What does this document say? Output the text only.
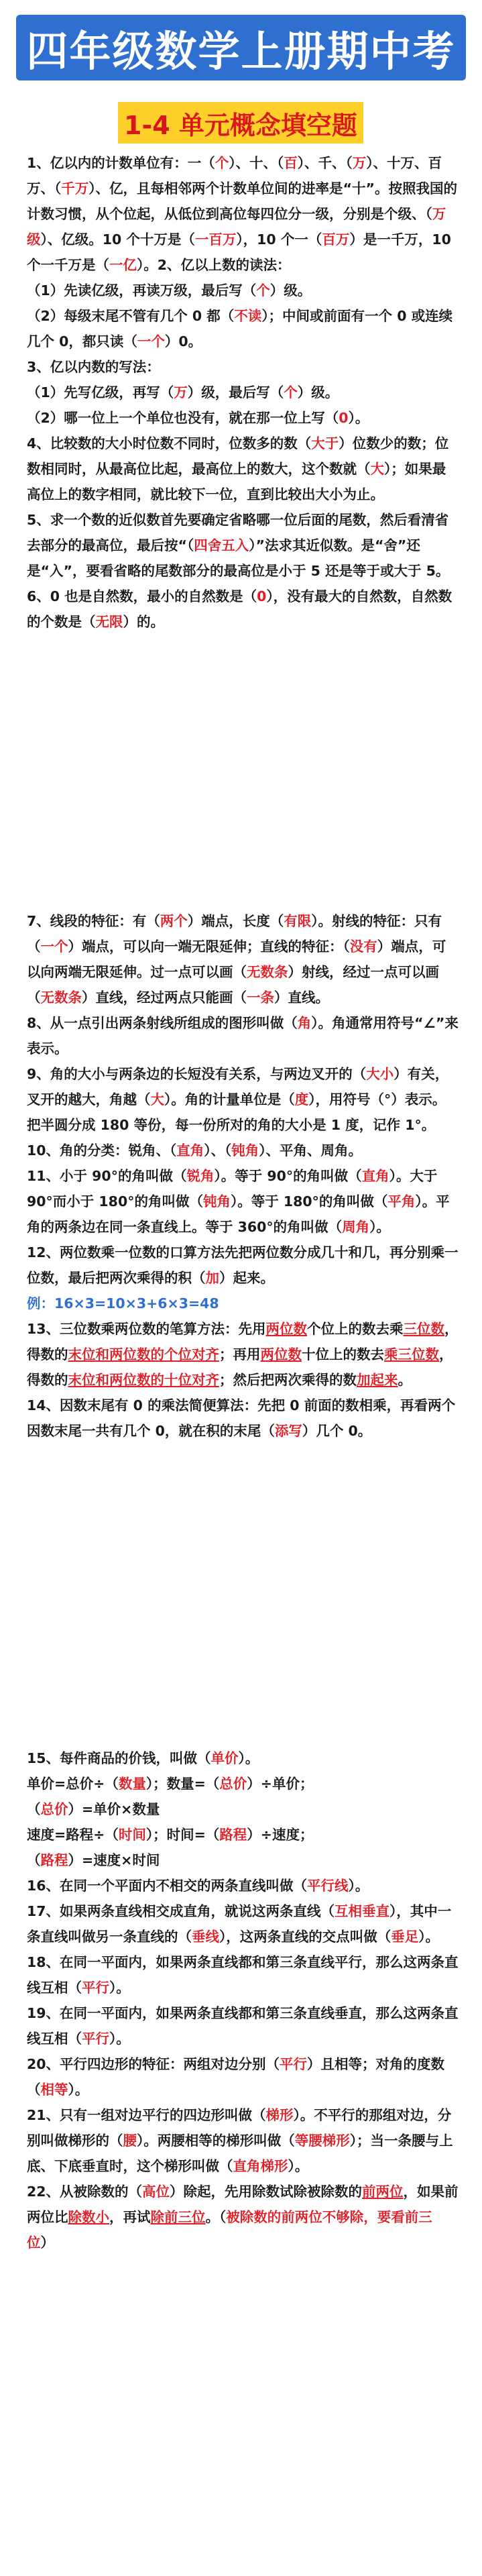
四年级数学上册期中考
1-4 单元概念填空题

1、亿以内的计数单位有：一（个）、十、（百）、千、（万）、十万、百万、（千万）、亿，且每相邻两个计数单位间的进率是“十”。按照我国的计数习惯，从个位起，从低位到高位每四位分一级，分别是个级、（万级）、亿级。10 个十万是（一百万），10 个一（百万）是一千万，10 个一千万是（一亿）。2、亿以上数的读法：

（1）先读亿级，再读万级，最后写（个）级。

（2）每级末尾不管有几个 0 都（不读）；中间或前面有一个 0 或连续几个 0，都只读（一个）0。

3、亿以内数的写法：

（1）先写亿级，再写（万）级，最后写（个）级。

（2）哪一位上一个单位也没有，就在那一位上写（0）。

4、比较数的大小时位数不同时，位数多的数（大于）位数少的数；位数相同时，从最高位比起，最高位上的数大，这个数就（大）；如果最高位上的数字相同，就比较下一位，直到比较出大小为止。

5、求一个数的近似数首先要确定省略哪一位后面的尾数，然后看清省去部分的最高位，最后按“（四舍五入）”法求其近似数。是“舍”还是“入”，要看省略的尾数部分的最高位是小于 5 还是等于或大于 5。

6、0 也是自然数，最小的自然数是（0），没有最大的自然数，自然数的个数是（无限）的。

7、线段的特征：有（两个）端点，长度（有限）。射线的特征：只有（一个）端点，可以向一端无限延伸；直线的特征：（没有）端点，可以向两端无限延伸。过一点可以画（无数条）射线，经过一点可以画（无数条）直线，经过两点只能画（一条）直线。

8、从一点引出两条射线所组成的图形叫做（角）。角通常用符号“∠”来表示。

9、角的大小与两条边的长短没有关系，与两边叉开的（大小）有关，叉开的越大，角越（大）。角的计量单位是（度），用符号（°）表示。把半圆分成 180 等份，每一份所对的角的大小是 1 度，记作 1°。

10、角的分类：锐角、（直角）、（钝角）、平角、周角。

11、小于 90°的角叫做（锐角）。等于 90°的角叫做（直角）。大于 90°而小于 180°的角叫做（钝角）。等于 180°的角叫做（平角）。平角的两条边在同一条直线上。等于 360°的角叫做（周角）。

12、两位数乘一位数的口算方法先把两位数分成几十和几，再分别乘一位数，最后把两次乘得的积（加）起来。

例：16×3=10×3+6×3=48

13、三位数乘两位数的笔算方法：先用两位数个位上的数去乘三位数，得数的末位和两位数的个位对齐；再用两位数十位上的数去乘三位数，得数的末位和两位数的十位对齐；然后把两次乘得的数加起来。

14、因数末尾有 0 的乘法简便算法：先把 0 前面的数相乘，再看两个因数末尾一共有几个 0，就在积的末尾（添写）几个 0。

15、每件商品的价钱，叫做（单价）。

单价=总价÷（数量）；数量=（总价）÷单价；

（总价）=单价×数量

速度=路程÷（时间）；时间=（路程）÷速度；

（路程）=速度×时间

16、在同一个平面内不相交的两条直线叫做（平行线）。

17、如果两条直线相交成直角，就说这两条直线（互相垂直），其中一条直线叫做另一条直线的（垂线），这两条直线的交点叫做（垂足）。

18、在同一平面内，如果两条直线都和第三条直线平行，那么这两条直线互相（平行）。

19、在同一平面内，如果两条直线都和第三条直线垂直，那么这两条直线互相（平行）。

20、平行四边形的特征：两组对边分别（平行）且相等；对角的度数（相等）。

21、只有一组对边平行的四边形叫做（梯形）。不平行的那组对边，分别叫做梯形的（腰）。两腰相等的梯形叫做（等腰梯形）；当一条腰与上底、下底垂直时，这个梯形叫做（直角梯形）。

22、从被除数的（高位）除起，先用除数试除被除数的前两位，如果前两位比除数小，再试除前三位。（被除数的前两位不够除，要看前三位）
